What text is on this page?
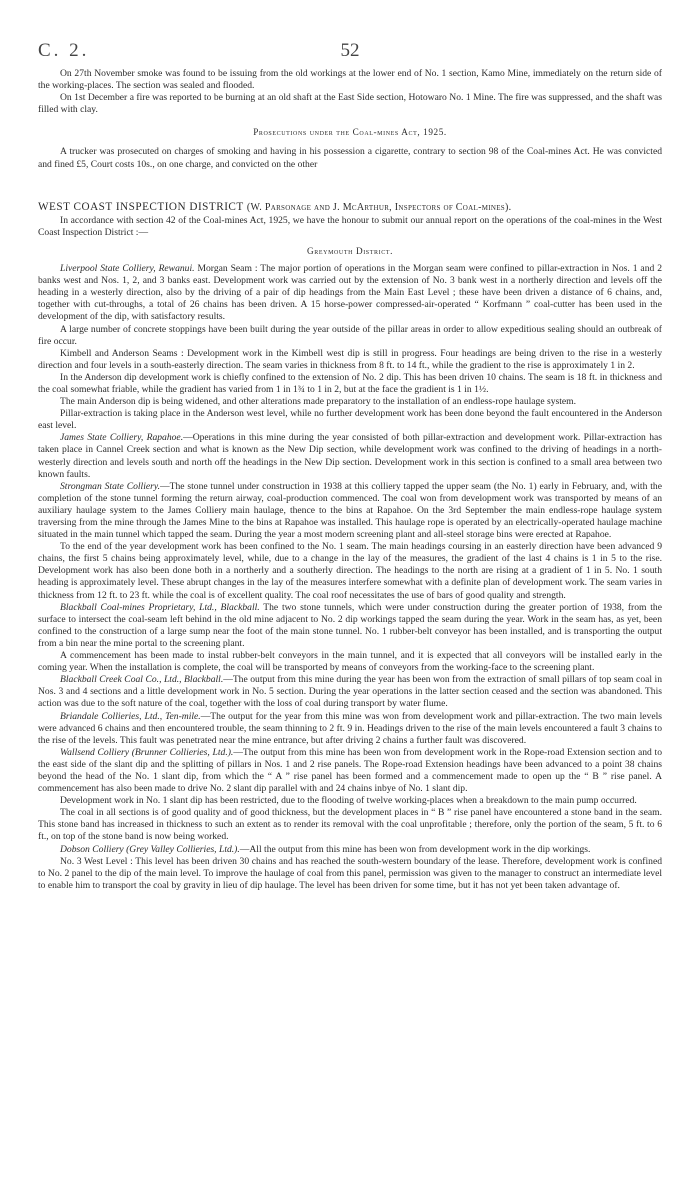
C. 2.	52

On 27th November smoke was found to be issuing from the old workings at the lower end of No. 1 section, Kamo Mine, immediately on the return side of the working-places. The section was sealed and flooded.

On 1st December a fire was reported to be burning at an old shaft at the East Side section, Hotowaro No. 1 Mine. The fire was suppressed, and the shaft was filled with clay.

Prosecutions under the Coal-mines Act, 1925.

A trucker was prosecuted on charges of smoking and having in his possession a cigarette, contrary to section 98 of the Coal-mines Act. He was convicted and fined £5, Court costs 10s., on one charge, and convicted on the other

WEST COAST INSPECTION DISTRICT (W. Parsonage and J. McArthur, Inspectors of Coal-mines).

In accordance with section 42 of the Coal-mines Act, 1925, we have the honour to submit our annual report on the operations of the coal-mines in the West Coast Inspection District :—

Greymouth District.

Liverpool State Colliery, Rewanui. Morgan Seam : The major portion of operations in the Morgan seam were confined to pillar-extraction in Nos. 1 and 2 banks west and Nos. 1, 2, and 3 banks east. Development work was carried out by the extension of No. 3 bank west in a northerly direction and levels off the heading in a westerly direction, also by the driving of a pair of dip headings from the Main East Level ; these have been driven a distance of 6 chains, and, together with cut-throughs, a total of 26 chains has been driven. A 15 horse-power compressed-air-operated “ Korfmann ” coal-cutter has been used in the development of the dip, with satisfactory results.

A large number of concrete stoppings have been built during the year outside of the pillar areas in order to allow expeditious sealing should an outbreak of fire occur.

Kimbell and Anderson Seams : Development work in the Kimbell west dip is still in progress. Four headings are being driven to the rise in a westerly direction and four levels in a south-easterly direction. The seam varies in thickness from 8 ft. to 14 ft., while the gradient to the rise is approximately 1 in 2.

In the Anderson dip development work is chiefly confined to the extension of No. 2 dip. This has been driven 10 chains. The seam is 18 ft. in thickness and the coal somewhat friable, while the gradient has varied from 1 in 1¾ to 1 in 2, but at the face the gradient is 1 in 1½.

The main Anderson dip is being widened, and other alterations made preparatory to the installation of an endless-rope haulage system.

Pillar-extraction is taking place in the Anderson west level, while no further development work has been done beyond the fault encountered in the Anderson east level.

James State Colliery, Rapahoe.—Operations in this mine during the year consisted of both pillar-extraction and development work. Pillar-extraction has taken place in Cannel Creek section and what is known as the New Dip section, while development work was confined to the driving of headings in a north-westerly direction and levels south and north off the headings in the New Dip section. Development work in this section is confined to a small area between two known faults.

Strongman State Colliery.—The stone tunnel under construction in 1938 at this colliery tapped the upper seam (the No. 1) early in February, and, with the completion of the stone tunnel forming the return airway, coal-production commenced. The coal won from development work was transported by means of an auxiliary haulage system to the James Colliery main haulage, thence to the bins at Rapahoe. On the 3rd September the main endless-rope haulage system traversing from the mine through the James Mine to the bins at Rapahoe was installed. This haulage rope is operated by an electrically-operated haulage machine situated in the main tunnel which tapped the seam. During the year a most modern screening plant and all-steel storage bins were erected at Rapahoe.

To the end of the year development work has been confined to the No. 1 seam. The main headings coursing in an easterly direction have been advanced 9 chains, the first 5 chains being approximately level, while, due to a change in the lay of the measures, the gradient of the last 4 chains is 1 in 5 to the rise. Development work has also been done both in a northerly and a southerly direction. The headings to the north are rising at a gradient of 1 in 5. No. 1 south heading is approximately level. These abrupt changes in the lay of the measures interfere somewhat with a definite plan of development work. The seam varies in thickness from 12 ft. to 23 ft. while the coal is of excellent quality. The coal roof necessitates the use of bars of good quality and strength.

Blackball Coal-mines Proprietary, Ltd., Blackball. The two stone tunnels, which were under construction during the greater portion of 1938, from the surface to intersect the coal-seam left behind in the old mine adjacent to No. 2 dip workings tapped the seam during the year. Work in the seam has, as yet, been confined to the construction of a large sump near the foot of the main stone tunnel. No. 1 rubber-belt conveyor has been installed, and is transporting the output from a bin near the mine portal to the screening plant.

A commencement has been made to instal rubber-belt conveyors in the main tunnel, and it is expected that all conveyors will be installed early in the coming year. When the installation is complete, the coal will be transported by means of conveyors from the working-face to the screening plant.

Blackball Creek Coal Co., Ltd., Blackball.—The output from this mine during the year has been won from the extraction of small pillars of top seam coal in Nos. 3 and 4 sections and a little development work in No. 5 section. During the year operations in the latter section ceased and the section was abandoned. This action was due to the soft nature of the coal, together with the loss of coal during transport by water flume.

Briandale Collieries, Ltd., Ten-mile.—The output for the year from this mine was won from development work and pillar-extraction. The two main levels were advanced 6 chains and then encountered trouble, the seam thinning to 2 ft. 9 in. Headings driven to the rise of the main levels encountered a fault 3 chains to the rise of the levels. This fault was penetrated near the mine entrance, but after driving 2 chains a further fault was discovered.

Wallsend Colliery (Brunner Collieries, Ltd.).—The output from this mine has been won from development work in the Rope-road Extension section and to the east side of the slant dip and the splitting of pillars in Nos. 1 and 2 rise panels. The Rope-road Extension headings have been advanced to a point 38 chains beyond the head of the No. 1 slant dip, from which the “ A ” rise panel has been formed and a commencement made to open up the “ B ” rise panel. A commencement has also been made to drive No. 2 slant dip parallel with and 24 chains inbye of No. 1 slant dip.

Development work in No. 1 slant dip has been restricted, due to the flooding of twelve working-places when a breakdown to the main pump occurred.

The coal in all sections is of good quality and of good thickness, but the development places in “ B ” rise panel have encountered a stone band in the seam. This stone band has increased in thickness to such an extent as to render its removal with the coal unprofitable ; therefore, only the portion of the seam, 5 ft. to 6 ft., on top of the stone band is now being worked.

Dobson Colliery (Grey Valley Collieries, Ltd.).—All the output from this mine has been won from development work in the dip workings.

No. 3 West Level : This level has been driven 30 chains and has reached the south-western boundary of the lease. Therefore, development work is confined to No. 2 panel to the dip of the main level. To improve the haulage of coal from this panel, permission was given to the manager to construct an intermediate level to enable him to transport the coal by gravity in lieu of dip haulage. The level has been driven for some time, but it has not yet been taken advantage of.
